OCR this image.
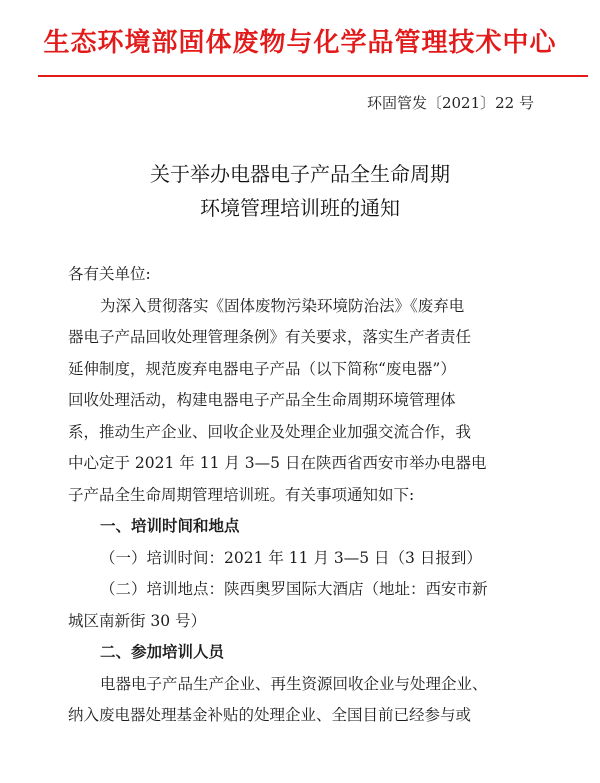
生态环境部固体废物与化学品管理技术中心
环固管发〔2021〕22 号
关于举办电器电子产品全生命周期
环境管理培训班的通知

各有关单位:

为深入贯彻落实《固体废物污染环境防治法》《废弃电
器电子产品回收处理管理条例》有关要求，落实生产者责任
延伸制度，规范废弃电器电子产品（以下简称“废电器”）
回收处理活动，构建电器电子产品全生命周期环境管理体
系，推动生产企业、回收企业及处理企业加强交流合作，我
中心定于 2021 年 11 月 3—5 日在陕西省西安市举办电器电
子产品全生命周期管理培训班。有关事项通知如下:
一、培训时间和地点
（一）培训时间：2021 年 11 月 3—5 日（3 日报到）
（二）培训地点：陕西奥罗国际大酒店（地址：西安市新
城区南新街 30 号）
二、参加培训人员
电器电子产品生产企业、再生资源回收企业与处理企业、
纳入废电器处理基金补贴的处理企业、全国目前已经参与或
